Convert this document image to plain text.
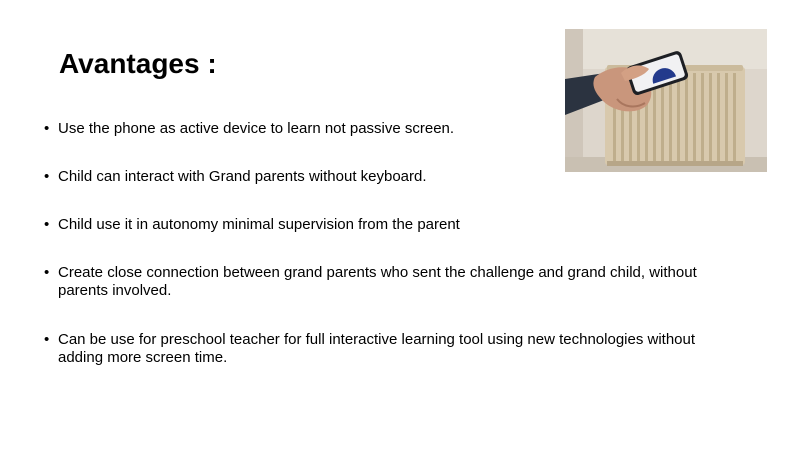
Avantages :
• Use the phone as active device to learn not passive screen.
• Child can interact with Grand parents without keyboard.
• Child use it in autonomy minimal supervision from the parent
• Create close connection between grand parents who sent the challenge and grand child, without parents involved.
• Can be use for preschool teacher for full interactive learning tool using new technologies without adding more screen time.
